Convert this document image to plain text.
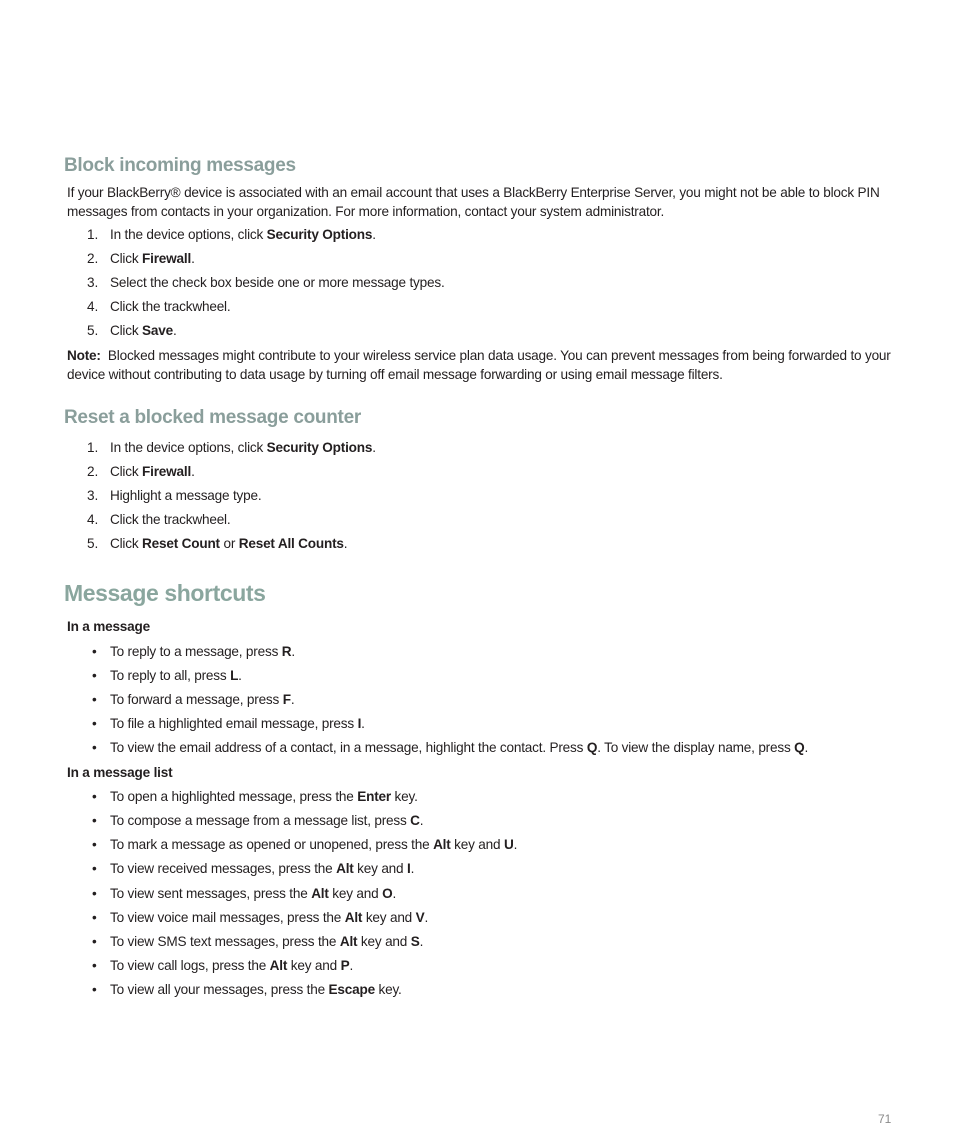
Block incoming messages

If your BlackBerry® device is associated with an email account that uses a BlackBerry Enterprise Server, you might not be able to block PIN messages from contacts in your organization. For more information, contact your system administrator.

1. In the device options, click Security Options.
2. Click Firewall.
3. Select the check box beside one or more message types.
4. Click the trackwheel.
5. Click Save.

Note: Blocked messages might contribute to your wireless service plan data usage. You can prevent messages from being forwarded to your device without contributing to data usage by turning off email message forwarding or using email message filters.

Reset a blocked message counter
1. In the device options, click Security Options.
2. Click Firewall.
3. Highlight a message type.
4. Click the trackwheel.
5. Click Reset Count or Reset All Counts.
Message shortcuts
In a message
• To reply to a message, press R.
• To reply to all, press L.
• To forward a message, press F.
• To file a highlighted email message, press I.
• To view the email address of a contact, in a message, highlight the contact. Press Q. To view the display name, press Q.
In a message list
• To open a highlighted message, press the Enter key.
• To compose a message from a message list, press C.
• To mark a message as opened or unopened, press the Alt key and U.
• To view received messages, press the Alt key and I.
• To view sent messages, press the Alt key and O.
• To view voice mail messages, press the Alt key and V.
• To view SMS text messages, press the Alt key and S.
• To view call logs, press the Alt key and P.
• To view all your messages, press the Escape key.
71
